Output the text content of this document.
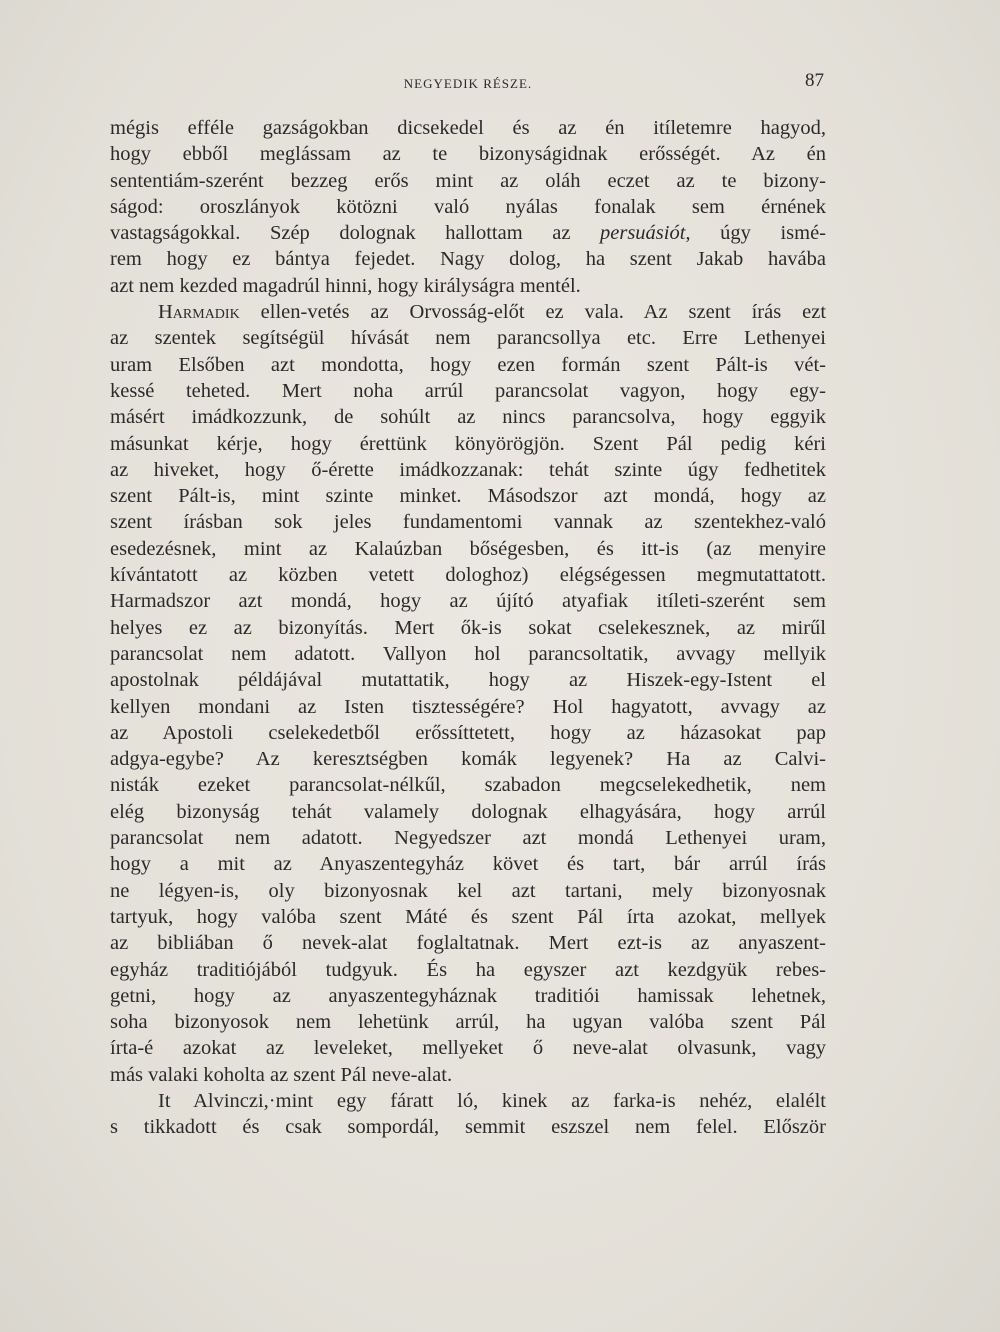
NEGYEDIK RÉSZE.	87
mégis efféle gazságokban dicsekedel és az én itíletemre hagyod,
hogy ebből meglássam az te bizonyságidnak erősségét. Az én
sententiám-szerént bezzeg erős mint az oláh eczet az te bizony-
ságod: oroszlányok kötözni való nyálas fonalak sem érnének
vastagságokkal. Szép dolognak hallottam az persuásiót, úgy ismé-
rem hogy ez bántya fejedet. Nagy dolog, ha szent Jakab havába
azt nem kezded magadrúl hinni, hogy királyságra mentél.
Harmadik ellen-vetés az Orvosság-előt ez vala. Az szent írás ezt
az szentek segítségül hívását nem parancsollya etc. Erre Lethenyei
uram Elsőben azt mondotta, hogy ezen formán szent Pált-is vét-
kessé teheted. Mert noha arrúl parancsolat vagyon, hogy egy-
másért imádkozzunk, de sohúlt az nincs parancsolva, hogy eggyik
másunkat kérje, hogy érettünk könyörögjön. Szent Pál pedig kéri
az hiveket, hogy ő-érette imádkozzanak: tehát szinte úgy fedhetitek
szent Pált-is, mint szinte minket. Másodszor azt mondá, hogy az
szent írásban sok jeles fundamentomi vannak az szentekhez-való
esedezésnek, mint az Kalaúzban bőségesben, és itt-is (az menyire
kívántatott az közben vetett dologhoz) elégségessen megmutattatott.
Harmadszor azt mondá, hogy az újító atyafiak itíleti-szerént sem
helyes ez az bizonyítás. Mert ők-is sokat cselekesznek, az mirűl
parancsolat nem adatott. Vallyon hol parancsoltatik, avvagy mellyik
apostolnak példájával mutattatik, hogy az Hiszek-egy-Istent el
kellyen mondani az Isten tisztességére? Hol hagyatott, avvagy az
az Apostoli cselekedetből erőssíttetett, hogy az házasokat pap
adgya-egybe? Az keresztségben komák legyenek? Ha az Calvi-
nisták ezeket parancsolat-nélkűl, szabadon megcselekedhetik, nem
elég bizonyság tehát valamely dolognak elhagyására, hogy arrúl
parancsolat nem adatott. Negyedszer azt mondá Lethenyei uram,
hogy a mit az Anyaszentegyház követ és tart, bár arrúl írás
ne légyen-is, oly bizonyosnak kel azt tartani, mely bizonyosnak
tartyuk, hogy valóba szent Máté és szent Pál írta azokat, mellyek
az bibliában ő nevek-alat foglaltatnak. Mert ezt-is az anyaszent-
egyház traditiójából tudgyuk. És ha egyszer azt kezdgyük rebes-
getni, hogy az anyaszentegyháznak traditiói hamissak lehetnek,
soha bizonyosok nem lehetünk arrúl, ha ugyan valóba szent Pál
írta-é azokat az leveleket, mellyeket ő neve-alat olvasunk, vagy
más valaki koholta az szent Pál neve-alat.
It Alvinczi,·mint egy fáratt ló, kinek az farka-is nehéz, elalélt
s tikkadott és csak sompordál, semmit eszszel nem felel. Először
